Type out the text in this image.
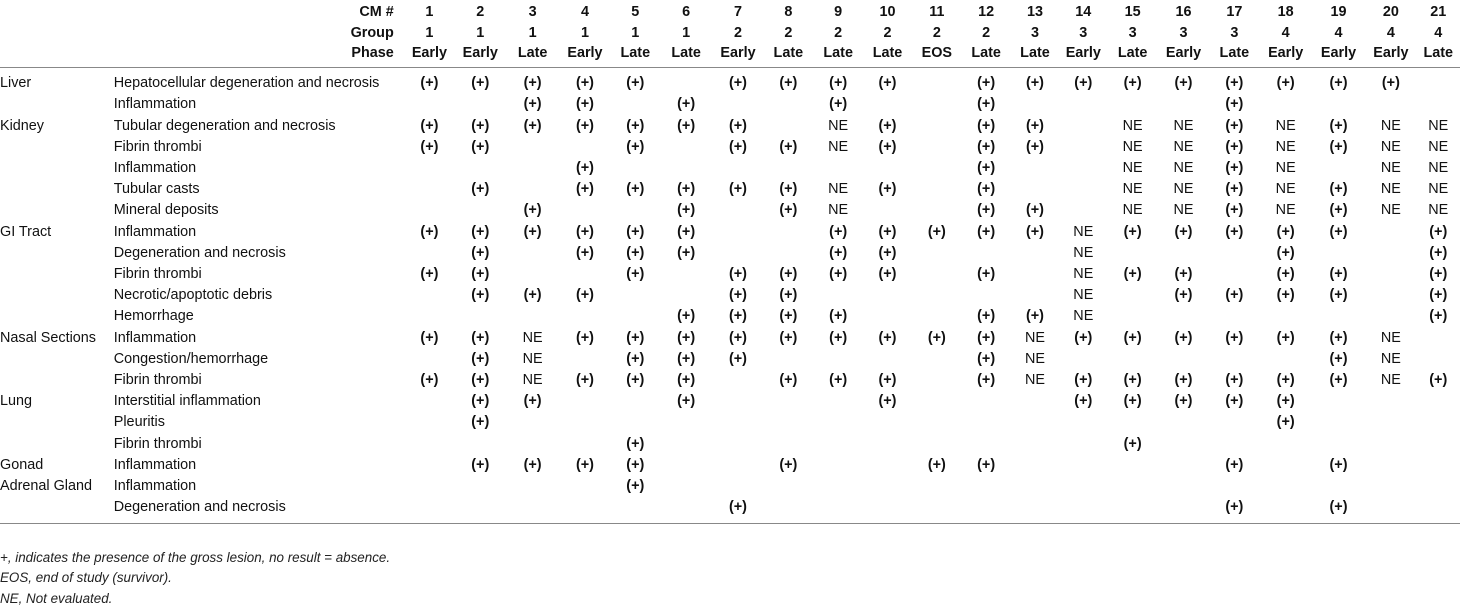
CM #		1	2	3	4	5	6	7	8	9	10	11	12	13	14	15	16	17	18	19	20	21
Group		1	1	1	1	1	1	2	2	2	2	2	2	3	3	3	3	3	4	4	4	4
Phase		Early	Early	Late	Early	Late	Late	Early	Late	Late	Late	EOS	Late	Late	Early	Late	Early	Late	Early	Early	Early	Late
Liver	Hepatocellular degeneration and necrosis	(+)	(+)	(+)	(+)	(+)		(+)	(+)	(+)	(+)		(+)	(+)	(+)	(+)	(+)	(+)	(+)	(+)	(+)	
	Inflammation			(+)	(+)		(+)			(+)			(+)					(+)				
Kidney	Tubular degeneration and necrosis	(+)	(+)	(+)	(+)	(+)	(+)	(+)		NE	(+)		(+)	(+)		NE	NE	(+)	NE	(+)	NE	NE
	Fibrin thrombi	(+)	(+)			(+)		(+)	(+)	NE	(+)		(+)	(+)		NE	NE	(+)	NE	(+)	NE	NE
	Inflammation				(+)								(+)			NE	NE	(+)	NE		NE	NE
	Tubular casts		(+)		(+)	(+)	(+)	(+)	(+)	NE	(+)		(+)			NE	NE	(+)	NE	(+)	NE	NE
	Mineral deposits			(+)			(+)		(+)	NE			(+)	(+)		NE	NE	(+)	NE	(+)	NE	NE
GI Tract	Inflammation	(+)	(+)	(+)	(+)	(+)	(+)			(+)	(+)	(+)	(+)	(+)	NE	(+)	(+)	(+)	(+)	(+)		(+)
	Degeneration and necrosis		(+)		(+)	(+)	(+)			(+)	(+)				NE				(+)			(+)
	Fibrin thrombi	(+)	(+)			(+)		(+)	(+)	(+)	(+)		(+)		NE	(+)	(+)		(+)	(+)		(+)
	Necrotic/apoptotic debris		(+)	(+)	(+)			(+)	(+)						NE		(+)	(+)	(+)	(+)		(+)
	Hemorrhage						(+)	(+)	(+)	(+)			(+)	(+)	NE							(+)
Nasal Sections	Inflammation	(+)	(+)	NE	(+)	(+)	(+)	(+)	(+)	(+)	(+)	(+)	(+)	NE	(+)	(+)	(+)	(+)	(+)	(+)	NE	
	Congestion/hemorrhage		(+)	NE		(+)	(+)	(+)					(+)	NE						(+)	NE	
	Fibrin thrombi	(+)	(+)	NE	(+)	(+)	(+)		(+)	(+)	(+)		(+)	NE	(+)	(+)	(+)	(+)	(+)	(+)	NE	(+)
Lung	Interstitial inflammation		(+)	(+)			(+)				(+)				(+)	(+)	(+)	(+)	(+)			
	Pleuritis		(+)																(+)			
	Fibrin thrombi					(+)										(+)						
Gonad	Inflammation		(+)	(+)	(+)	(+)			(+)			(+)	(+)					(+)		(+)		
Adrenal Gland	Inflammation					(+)																
	Degeneration and necrosis							(+)										(+)		(+)		
+, indicates the presence of the gross lesion, no result = absence.
EOS, end of study (survivor).
NE, Not evaluated.
